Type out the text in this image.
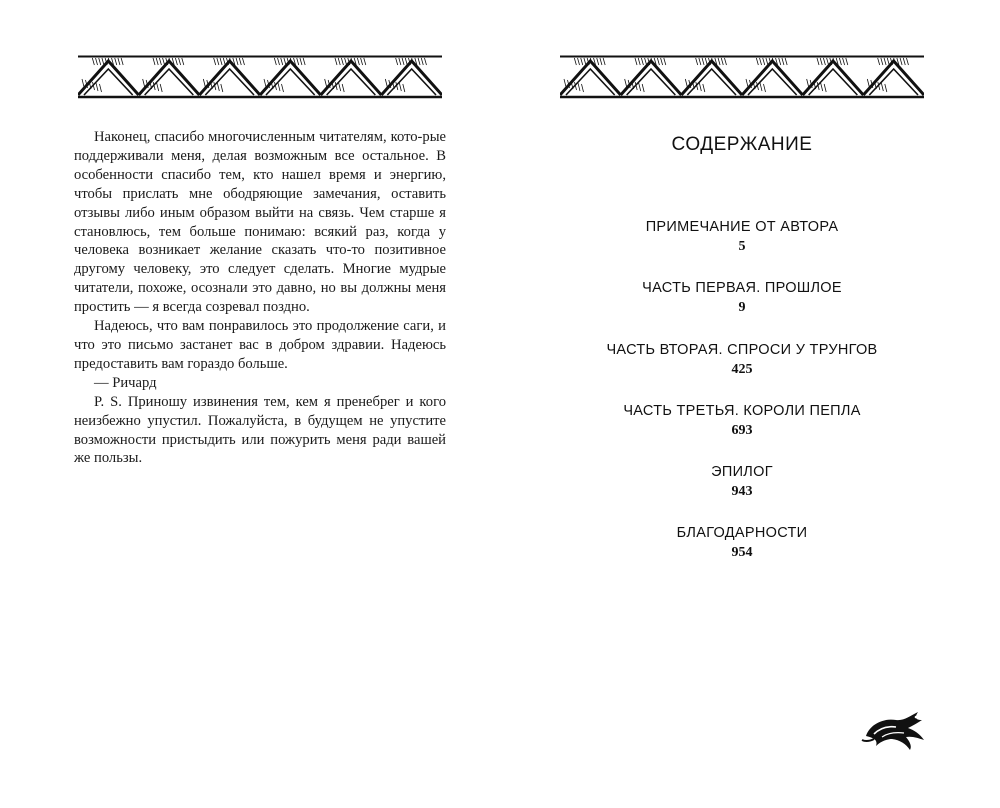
Наконец, спасибо многочисленным читателям, кото-рые поддерживали меня, делая возможным все остальное. В особенности спасибо тем, кто нашел время и энергию, чтобы прислать мне ободряющие замечания, оставить отзывы либо иным образом выйти на связь. Чем старше я становлюсь, тем больше понимаю: всякий раз, когда у человека возникает желание сказать что-то позитивное другому человеку, это следует сделать. Многие мудрые читатели, похоже, осознали это давно, но вы должны меня простить — я всегда созревал поздно.

Надеюсь, что вам понравилось это продолжение саги, и что это письмо застанет вас в добром здравии. Надеюсь предоставить вам гораздо больше.

— Ричард

P. S. Приношу извинения тем, кем я пренебрег и кого неизбежно упустил. Пожалуйста, в будущем не упустите возможности пристыдить или пожурить меня ради вашей же пользы.

СОДЕРЖАНИЕ
ПРИМЕЧАНИЕ ОТ АВТОРА
5
ЧАСТЬ ПЕРВАЯ. ПРОШЛОЕ
9
ЧАСТЬ ВТОРАЯ. СПРОСИ У ТРУНГОВ
425
ЧАСТЬ ТРЕТЬЯ. КОРОЛИ ПЕПЛА
693
ЭПИЛОГ
943
БЛАГОДАРНОСТИ
954
